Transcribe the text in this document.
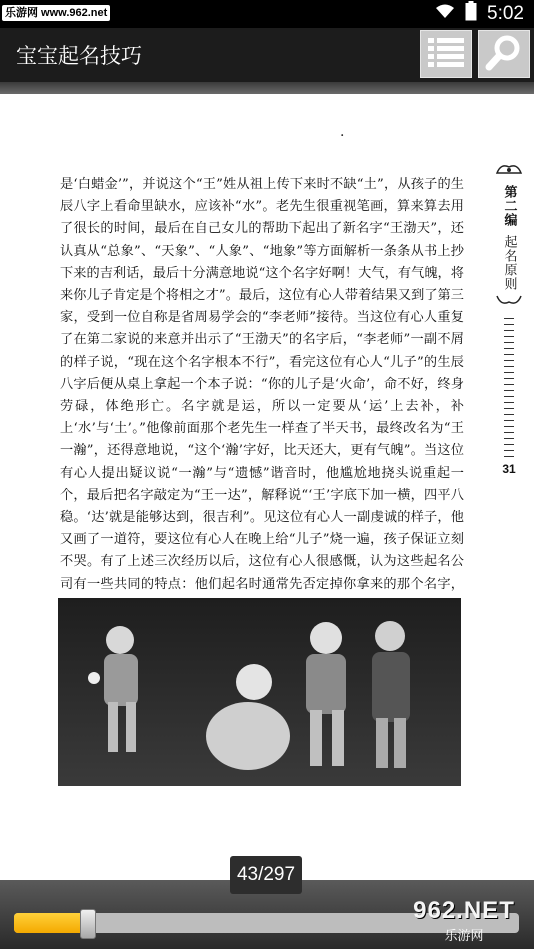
乐游网 www.962.net	5:02
宝宝起名技巧
·
是‘白蜡金’”，并说这个“王”姓从祖上传下来时不缺“土”，从孩子的生辰八字上看命里缺水，应该补“水”。老先生很重视笔画，算来算去用了很长的时间，最后在自己女儿的帮助下起出了新名字“王渤天”，还认真从“总象”、“天象”、“人象”、“地象”等方面解析一条条从书上抄下来的吉利话，最后十分满意地说“这个名字好啊！大气，有气魄，将来你儿子肯定是个将相之才”。最后，这位有心人带着结果又到了第三家，受到一位自称是省周易学会的“李老师”接待。当这位有心人重复了在第二家说的来意并出示了“王渤天”的名字后，“李老师”一副不屑的样子说，“现在这个名字根本不行”，看完这位有心人“儿子”的生辰八字后便从桌上拿起一个本子说：“你的儿子是‘火命’，命不好，终身劳碌，体绝形亡。名字就是运，所以一定要从‘运’上去补，补上‘水’与‘土’。”他像前面那个老先生一样查了半天书，最终改名为“王一瀚”，还得意地说，“这个‘瀚’字好，比天还大，更有气魄”。当这位有心人提出疑议说“一瀚”与“遗憾”谐音时，他尴尬地挠头说重起一个，最后把名字敲定为“王一达”，解释说“‘王’字底下加一横，四平八稳。‘达’就是能够达到，很吉利”。见这位有心人一副虔诚的样子，他又画了一道符，要这位有心人在晚上给“儿子”烧一遍，孩子保证立刻不哭。有了上述三次经历以后，这位有心人很感慨，认为这些起名公司有一些共同的特点：他们起名时通常先否定掉你拿来的那个名字，
第二编
起名原则
31
43/297
962.NET
乐游网
